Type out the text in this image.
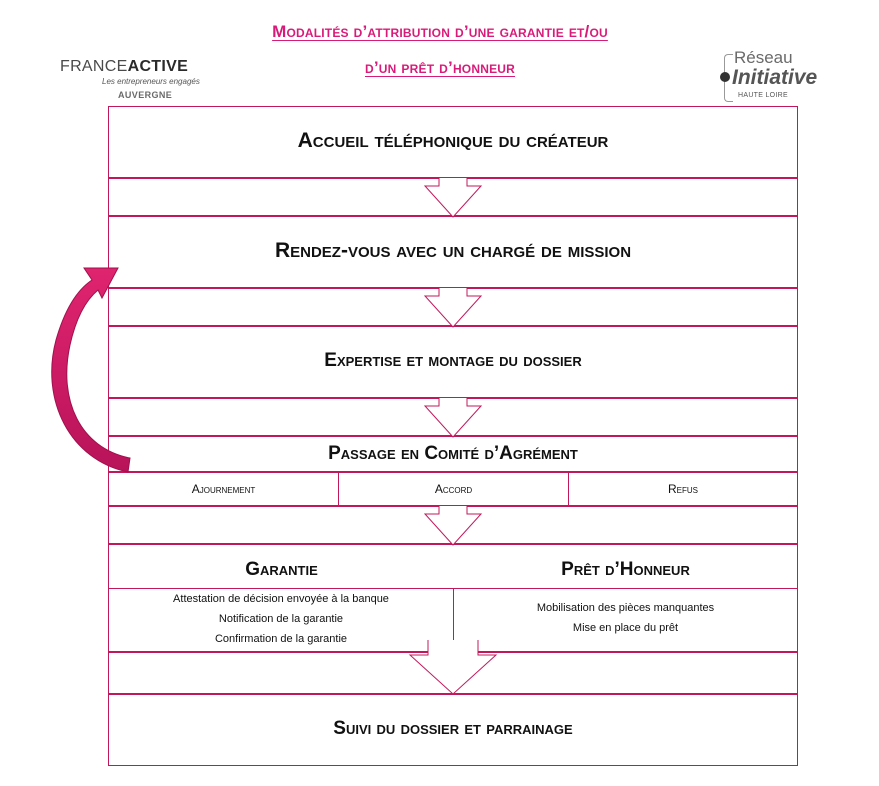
Modalités d’attribution d’une garantie et/ou
d’un prêt d’honneur
FRANCEACTIVE
Les entrepreneurs engagés
AUVERGNE
Réseau
Initiative
HAUTE LOIRE
Accueil téléphonique du créateur
Rendez-vous avec un chargé de mission
Expertise et montage du dossier
Passage en Comité d’Agrément
Ajournement	Accord	Refus
Garantie	Prêt d’Honneur
Attestation de décision envoyée à la banque
Notification de la garantie
Confirmation de la garantie
Mobilisation des pièces manquantes
Mise en place du prêt
Suivi du dossier et parrainage
